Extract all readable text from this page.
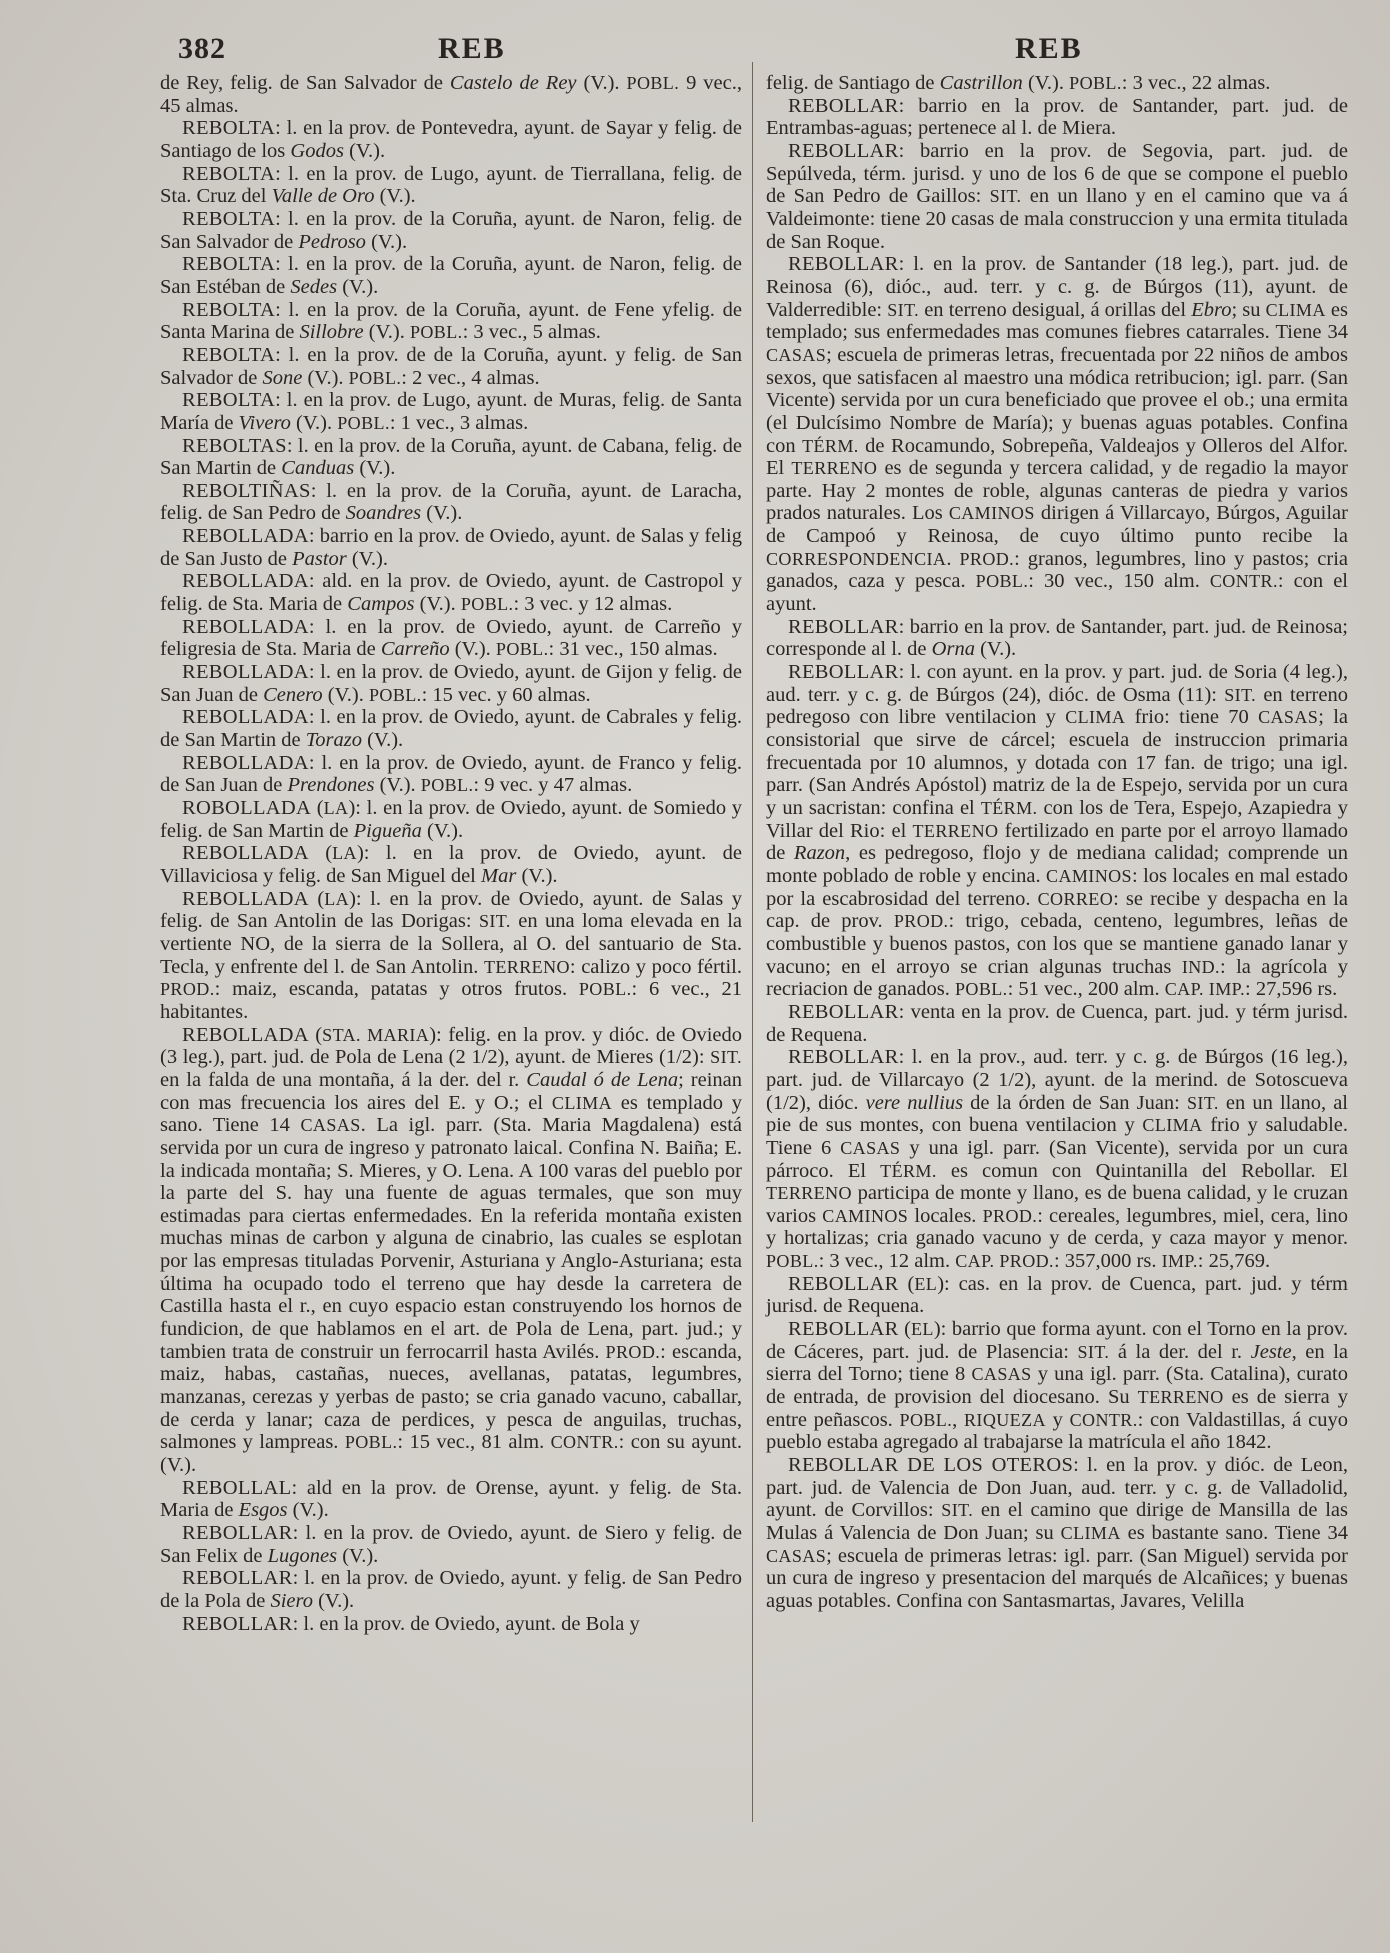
382	REB	REB

de Rey, felig. de San Salvador de Castelo de Rey (V.). POBL. 9 vec., 45 almas.

REBOLTA: l. en la prov. de Pontevedra, ayunt. de Sayar y felig. de Santiago de los Godos (V.).

REBOLTA: l. en la prov. de Lugo, ayunt. de Tierrallana, felig. de Sta. Cruz del Valle de Oro (V.).

REBOLTA: l. en la prov. de la Coruña, ayunt. de Naron, felig. de San Salvador de Pedroso (V.).

REBOLTA: l. en la prov. de la Coruña, ayunt. de Naron, felig. de San Estéban de Sedes (V.).

REBOLTA: l. en la prov. de la Coruña, ayunt. de Fene yfelig. de Santa Marina de Sillobre (V.). POBL.: 3 vec., 5 almas.

REBOLTA: l. en la prov. de de la Coruña, ayunt. y felig. de San Salvador de Sone (V.). POBL.: 2 vec., 4 almas.

REBOLTA: l. en la prov. de Lugo, ayunt. de Muras, felig. de Santa María de Vivero (V.). POBL.: 1 vec., 3 almas.

REBOLTAS: l. en la prov. de la Coruña, ayunt. de Cabana, felig. de San Martin de Canduas (V.).

REBOLTIÑAS: l. en la prov. de la Coruña, ayunt. de Laracha, felig. de San Pedro de Soandres (V.).

REBOLLADA: barrio en la prov. de Oviedo, ayunt. de Salas y felig de San Justo de Pastor (V.).

REBOLLADA: ald. en la prov. de Oviedo, ayunt. de Castropol y felig. de Sta. Maria de Campos (V.). POBL.: 3 vec. y 12 almas.

REBOLLADA: l. en la prov. de Oviedo, ayunt. de Carreño y feligresia de Sta. Maria de Carreño (V.). POBL.: 31 vec., 150 almas.

REBOLLADA: l. en la prov. de Oviedo, ayunt. de Gijon y felig. de San Juan de Cenero (V.). POBL.: 15 vec. y 60 almas.

REBOLLADA: l. en la prov. de Oviedo, ayunt. de Cabrales y felig. de San Martin de Torazo (V.).

REBOLLADA: l. en la prov. de Oviedo, ayunt. de Franco y felig. de San Juan de Prendones (V.). POBL.: 9 vec. y 47 almas.

ROBOLLADA (LA): l. en la prov. de Oviedo, ayunt. de Somiedo y felig. de San Martin de Pigueña (V.).

REBOLLADA (LA): l. en la prov. de Oviedo, ayunt. de Villaviciosa y felig. de San Miguel del Mar (V.).

REBOLLADA (LA): l. en la prov. de Oviedo, ayunt. de Salas y felig. de San Antolin de las Dorigas: SIT. en una loma elevada en la vertiente NO, de la sierra de la Sollera, al O. del santuario de Sta. Tecla, y enfrente del l. de San Antolin. TERRENO: calizo y poco fértil. PROD.: maiz, escanda, patatas y otros frutos. POBL.: 6 vec., 21 habitantes.

REBOLLADA (STA. MARIA): felig. en la prov. y dióc. de Oviedo (3 leg.), part. jud. de Pola de Lena (2 1/2), ayunt. de Mieres (1/2): SIT. en la falda de una montaña, á la der. del r. Caudal ó de Lena; reinan con mas frecuencia los aires del E. y O.; el CLIMA es templado y sano. Tiene 14 CASAS. La igl. parr. (Sta. Maria Magdalena) está servida por un cura de ingreso y patronato laical. Confina N. Baiña; E. la indicada montaña; S. Mieres, y O. Lena. A 100 varas del pueblo por la parte del S. hay una fuente de aguas termales, que son muy estimadas para ciertas enfermedades. En la referida montaña existen muchas minas de carbon y alguna de cinabrio, las cuales se esplotan por las empresas tituladas Porvenir, Asturiana y Anglo-Asturiana; esta última ha ocupado todo el terreno que hay desde la carretera de Castilla hasta el r., en cuyo espacio estan construyendo los hornos de fundicion, de que hablamos en el art. de Pola de Lena, part. jud.; y tambien trata de construir un ferrocarril hasta Avilés. PROD.: escanda, maiz, habas, castañas, nueces, avellanas, patatas, legumbres, manzanas, cerezas y yerbas de pasto; se cria ganado vacuno, caballar, de cerda y lanar; caza de perdices, y pesca de anguilas, truchas, salmones y lampreas. POBL.: 15 vec., 81 alm. CONTR.: con su ayunt. (V.).

REBOLLAL: ald en la prov. de Orense, ayunt. y felig. de Sta. Maria de Esgos (V.).

REBOLLAR: l. en la prov. de Oviedo, ayunt. de Siero y felig. de San Felix de Lugones (V.).

REBOLLAR: l. en la prov. de Oviedo, ayunt. y felig. de San Pedro de la Pola de Siero (V.).

REBOLLAR: l. en la prov. de Oviedo, ayunt. de Bola y

felig. de Santiago de Castrillon (V.). POBL.: 3 vec., 22 almas.

REBOLLAR: barrio en la prov. de Santander, part. jud. de Entrambas-aguas; pertenece al l. de Miera.

REBOLLAR: barrio en la prov. de Segovia, part. jud. de Sepúlveda, térm. jurisd. y uno de los 6 de que se compone el pueblo de San Pedro de Gaillos: SIT. en un llano y en el camino que va á Valdeimonte: tiene 20 casas de mala construccion y una ermita titulada de San Roque.

REBOLLAR: l. en la prov. de Santander (18 leg.), part. jud. de Reinosa (6), dióc., aud. terr. y c. g. de Búrgos (11), ayunt. de Valderredible: SIT. en terreno desigual, á orillas del Ebro; su CLIMA es templado; sus enfermedades mas comunes fiebres catarrales. Tiene 34 CASAS; escuela de primeras letras, frecuentada por 22 niños de ambos sexos, que satisfacen al maestro una módica retribucion; igl. parr. (San Vicente) servida por un cura beneficiado que provee el ob.; una ermita (el Dulcísimo Nombre de María); y buenas aguas potables. Confina con TÉRM. de Rocamundo, Sobrepeña, Valdeajos y Olleros del Alfor. El TERRENO es de segunda y tercera calidad, y de regadio la mayor parte. Hay 2 montes de roble, algunas canteras de piedra y varios prados naturales. Los CAMINOS dirigen á Villarcayo, Búrgos, Aguilar de Campoó y Reinosa, de cuyo último punto recibe la CORRESPONDENCIA. PROD.: granos, legumbres, lino y pastos; cria ganados, caza y pesca. POBL.: 30 vec., 150 alm. CONTR.: con el ayunt.

REBOLLAR: barrio en la prov. de Santander, part. jud. de Reinosa; corresponde al l. de Orna (V.).

REBOLLAR: l. con ayunt. en la prov. y part. jud. de Soria (4 leg.), aud. terr. y c. g. de Búrgos (24), dióc. de Osma (11): SIT. en terreno pedregoso con libre ventilacion y CLIMA frio: tiene 70 CASAS; la consistorial que sirve de cárcel; escuela de instruccion primaria frecuentada por 10 alumnos, y dotada con 17 fan. de trigo; una igl. parr. (San Andrés Apóstol) matriz de la de Espejo, servida por un cura y un sacristan: confina el TÉRM. con los de Tera, Espejo, Azapiedra y Villar del Rio: el TERRENO fertilizado en parte por el arroyo llamado de Razon, es pedregoso, flojo y de mediana calidad; comprende un monte poblado de roble y encina. CAMINOS: los locales en mal estado por la escabrosidad del terreno. CORREO: se recibe y despacha en la cap. de prov. PROD.: trigo, cebada, centeno, legumbres, leñas de combustible y buenos pastos, con los que se mantiene ganado lanar y vacuno; en el arroyo se crian algunas truchas IND.: la agrícola y recriacion de ganados. POBL.: 51 vec., 200 alm. CAP. IMP.: 27,596 rs.

REBOLLAR: venta en la prov. de Cuenca, part. jud. y térm jurisd. de Requena.

REBOLLAR: l. en la prov., aud. terr. y c. g. de Búrgos (16 leg.), part. jud. de Villarcayo (2 1/2), ayunt. de la merind. de Sotoscueva (1/2), dióc. vere nullius de la órden de San Juan: SIT. en un llano, al pie de sus montes, con buena ventilacion y CLIMA frio y saludable. Tiene 6 CASAS y una igl. parr. (San Vicente), servida por un cura párroco. El TÉRM. es comun con Quintanilla del Rebollar. El TERRENO participa de monte y llano, es de buena calidad, y le cruzan varios CAMINOS locales. PROD.: cereales, legumbres, miel, cera, lino y hortalizas; cria ganado vacuno y de cerda, y caza mayor y menor. POBL.: 3 vec., 12 alm. CAP. PROD.: 357,000 rs. IMP.: 25,769.

REBOLLAR (EL): cas. en la prov. de Cuenca, part. jud. y térm jurisd. de Requena.

REBOLLAR (EL): barrio que forma ayunt. con el Torno en la prov. de Cáceres, part. jud. de Plasencia: SIT. á la der. del r. Jeste, en la sierra del Torno; tiene 8 CASAS y una igl. parr. (Sta. Catalina), curato de entrada, de provision del diocesano. Su TERRENO es de sierra y entre peñascos. POBL., RIQUEZA y CONTR.: con Valdastillas, á cuyo pueblo estaba agregado al trabajarse la matrícula el año 1842.

REBOLLAR DE LOS OTEROS: l. en la prov. y dióc. de Leon, part. jud. de Valencia de Don Juan, aud. terr. y c. g. de Valladolid, ayunt. de Corvillos: SIT. en el camino que dirige de Mansilla de las Mulas á Valencia de Don Juan; su CLIMA es bastante sano. Tiene 34 CASAS; escuela de primeras letras: igl. parr. (San Miguel) servida por un cura de ingreso y presentacion del marqués de Alcañices; y buenas aguas potables. Confina con Santasmartas, Javares, Velilla
